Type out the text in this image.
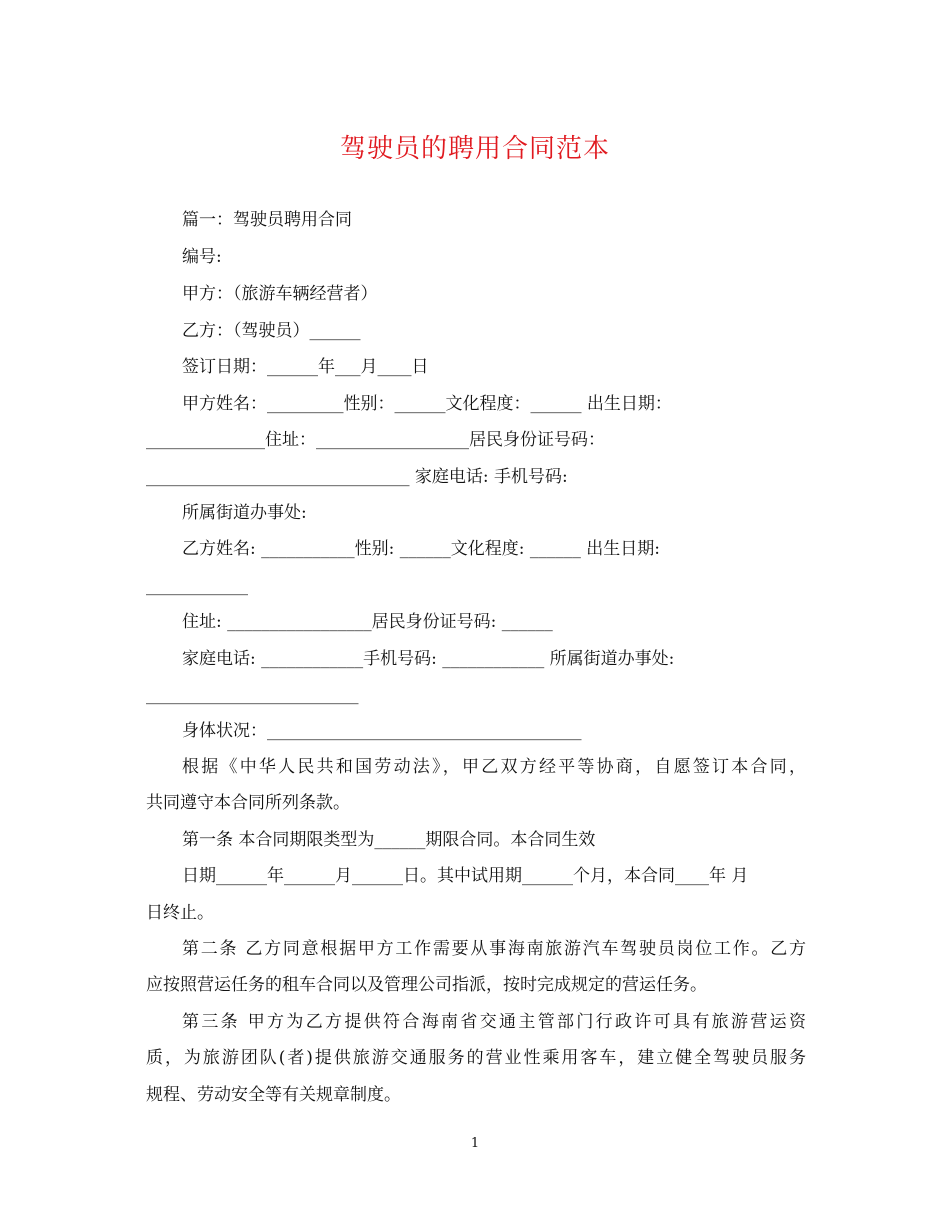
驾驶员的聘用合同范本
篇一：驾驶员聘用合同
编号:
甲方：（旅游车辆经营者）
乙方：（驾驶员）______
签订日期：______年___月____日
甲方姓名：_________性别：______文化程度：______ 出生日期：
______________住址：__________________居民身份证号码：
_______________________________ 家庭电话: 手机号码:
所属街道办事处:
乙方姓名: ___________性别: ______文化程度: ______ 出生日期:
____________
住址: _________________居民身份证号码: ______
家庭电话: ____________手机号码: ____________ 所属街道办事处:
_________________________
身体状况：_____________________________________
根据《中华人民共和国劳动法》，甲乙双方经平等协商，自愿签订本合同，
共同遵守本合同所列条款。
第一条 本合同期限类型为______期限合同。本合同生效
日期______年______月______日。其中试用期______个月，本合同____年 月
日终止。
第二条 乙方同意根据甲方工作需要从事海南旅游汽车驾驶员岗位工作。乙方
应按照营运任务的租车合同以及管理公司指派，按时完成规定的营运任务。
第三条 甲方为乙方提供符合海南省交通主管部门行政许可具有旅游营运资
质，为旅游团队(者)提供旅游交通服务的营业性乘用客车，建立健全驾驶员服务
规程、劳动安全等有关规章制度。
1
